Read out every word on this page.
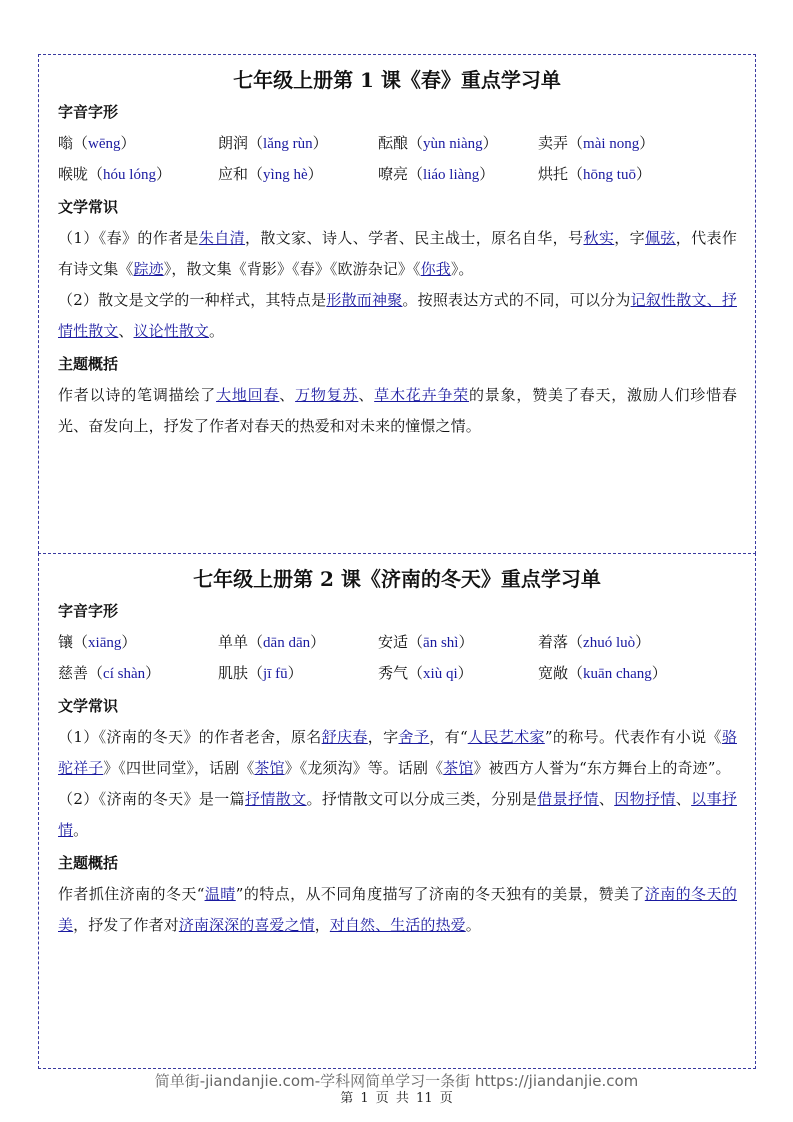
七年级上册第 1 课《春》重点学习单
字音字形
嗡（wēng）	朗润（lǎng rùn）	酝酿（yùn niàng）	卖弄（mài nong）
喉咙（hóu lóng）	应和（yìng hè）	嘹亮（liáo liàng）	烘托（hōng tuō）
文学常识
（1）《春》的作者是朱自清，散文家、诗人、学者、民主战士，原名自华，号秋实，字佩弦，代表作有诗文集《踪迹》，散文集《背影》《春》《欧游杂记》《你我》。
（2）散文是文学的一种样式，其特点是形散而神聚。按照表达方式的不同，可以分为记叙性散文、抒情性散文、议论性散文。
主题概括
作者以诗的笔调描绘了大地回春、万物复苏、草木花卉争荣的景象，赞美了春天，激励人们珍惜春光、奋发向上，抒发了作者对春天的热爱和对未来的憧憬之情。
七年级上册第 2 课《济南的冬天》重点学习单
字音字形
镶（xiāng）	单单（dān dān）	安适（ān shì）	着落（zhuó luò）
慈善（cí shàn）	肌肤（jī fū）	秀气（xiù qi）	宽敞（kuān chang）
文学常识
（1）《济南的冬天》的作者老舍，原名舒庆春，字舍予，有“人民艺术家”的称号。代表作有小说《骆驼祥子》《四世同堂》，话剧《茶馆》《龙须沟》等。话剧《茶馆》被西方人誉为“东方舞台上的奇迹”。
（2）《济南的冬天》是一篇抒情散文。抒情散文可以分成三类，分别是借景抒情、因物抒情、以事抒情。
主题概括
作者抓住济南的冬天“温晴”的特点，从不同角度描写了济南的冬天独有的美景，赞美了济南的冬天的美，抒发了作者对济南深深的喜爱之情，对自然、生活的热爱。
简单街-jiandanjie.com-学科网简单学习一条街 https://jiandanjie.com
第 1 页 共 11 页
